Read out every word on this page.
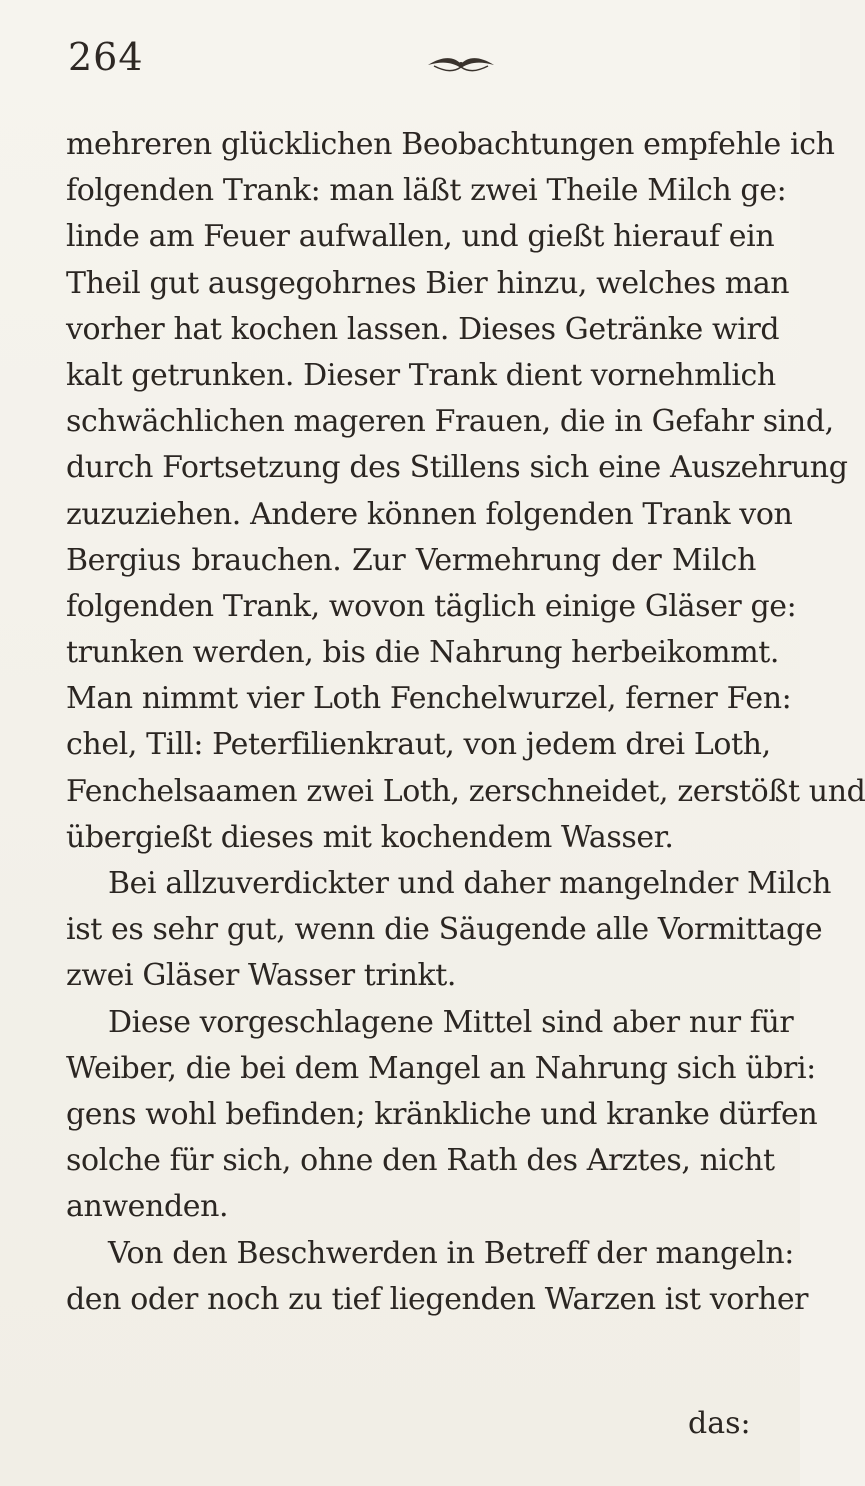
264
mehreren glücklichen Beobachtungen empfehle ich
folgenden Trank: man läßt zwei Theile Milch ge:
linde am Feuer aufwallen, und gießt hierauf ein
Theil gut ausgegohrnes Bier hinzu, welches man
vorher hat kochen lassen. Dieses Getränke wird
kalt getrunken. Dieser Trank dient vornehmlich
schwächlichen mageren Frauen, die in Gefahr sind,
durch Fortsetzung des Stillens sich eine Auszehrung
zuzuziehen. Andere können folgenden Trank von
Bergius brauchen. Zur Vermehrung der Milch
folgenden Trank, wovon täglich einige Gläser ge:
trunken werden, bis die Nahrung herbeikommt.
Man nimmt vier Loth Fenchelwurzel, ferner Fen:
chel, Till: Peterfilienkraut, von jedem drei Loth,
Fenchelsaamen zwei Loth, zerschneidet, zerstößt und
übergießt dieses mit kochendem Wasser.
Bei allzuverdickter und daher mangelnder Milch
ist es sehr gut, wenn die Säugende alle Vormittage
zwei Gläser Wasser trinkt.
Diese vorgeschlagene Mittel sind aber nur für
Weiber, die bei dem Mangel an Nahrung sich übri:
gens wohl befinden; kränkliche und kranke dürfen
solche für sich, ohne den Rath des Arztes, nicht
anwenden.
Von den Beschwerden in Betreff der mangeln:
den oder noch zu tief liegenden Warzen ist vorher
das:
